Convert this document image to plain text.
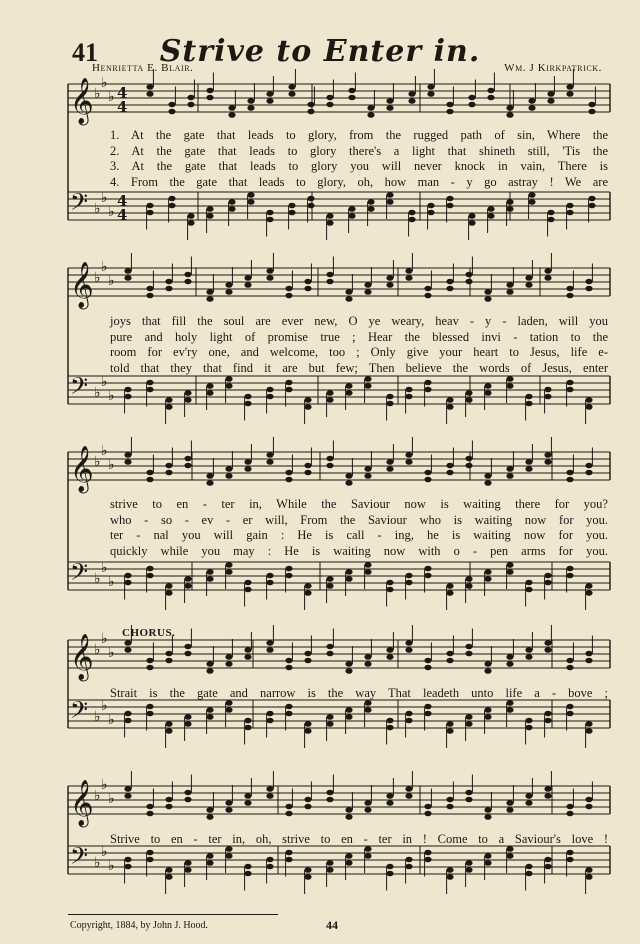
41	Strive to Enter in.
Henrietta E. Blair.	Wm. J Kirkpatrick.
𝄞 ♭
♭
♭ 4
4
𝄢 ♭
♭
♭
4
4
𝄞 ♭
♭
♭
𝄢 ♭
♭
♭
𝄞 ♭
♭
♭
𝄢 ♭
♭
♭
𝄞 ♭
♭
♭
𝄢 ♭
♭
♭
𝄞 ♭
♭
♭
𝄢 ♭
♭
♭
1. At the gate that leads to glory, from the rugged path of sin, Where the
2. At the gate that leads to glory there's a light that shineth still, 'Tis the
3. At the gate that leads to glory you will never knock in vain, There is
4. From the gate that leads to glory, oh, how man - y go astray ! We are
joys that fill the soul are ever new, O ye weary, heav - y - laden, will you
pure and holy light of promise true ; Hear the blessed invi - tation to the
room for ev'ry one, and welcome, too ; Only give your heart to Jesus, life e-
told that they that find it are but few; Then believe the words of Jesus, enter
strive to en - ter in, While the Saviour now is waiting there for you?
who - so - ev - er will, From the Saviour who is waiting now for you.
ter - nal you will gain : He is call - ing, he is waiting now for you.
quickly while you may : He is waiting now with o - pen arms for you.
CHORUS.
Strait is the gate and narrow is the way That leadeth unto life a - bove ;
Strive to en - ter in, oh, strive to en - ter in ! Come to a Saviour's love !
Copyright, 1884, by John J. Hood.	44
